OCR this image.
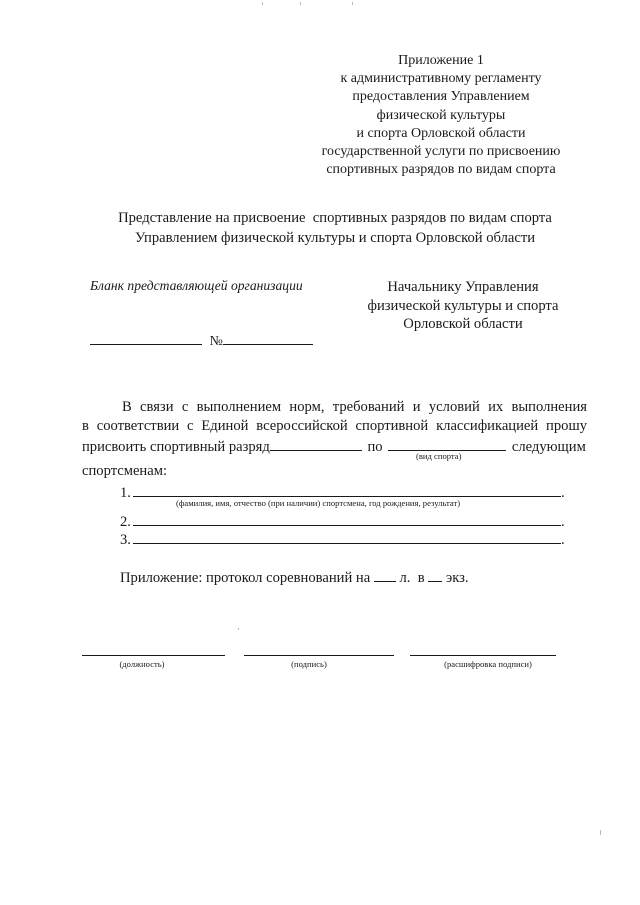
Приложение 1
к административному регламенту
предоставления Управлением
физической культуры
и спорта Орловской области
государственной услуги по присвоению
спортивных разрядов по видам спорта
Представление на присвоение  спортивных разрядов по видам спорта
Управлением физической культуры и спорта Орловской области
Бланк представляющей организации	Начальнику Управления
физической культуры и спорта
Орловской области
№
В связи с выполнением норм, требований и условий их выполнения
в соответствии с Единой всероссийской спортивной классификацией прошу
присвоить спортивный разряд	по	следующим
(вид спорта)
спортсменам:
1.	.
(фамилия, имя, отчество (при наличии) спортсмена, год рождения, результат)
2.	.
3.	.
Приложение: протокол соревнований на л.  в экз.
(должность)	(подпись)	(расшифровка подписи)
